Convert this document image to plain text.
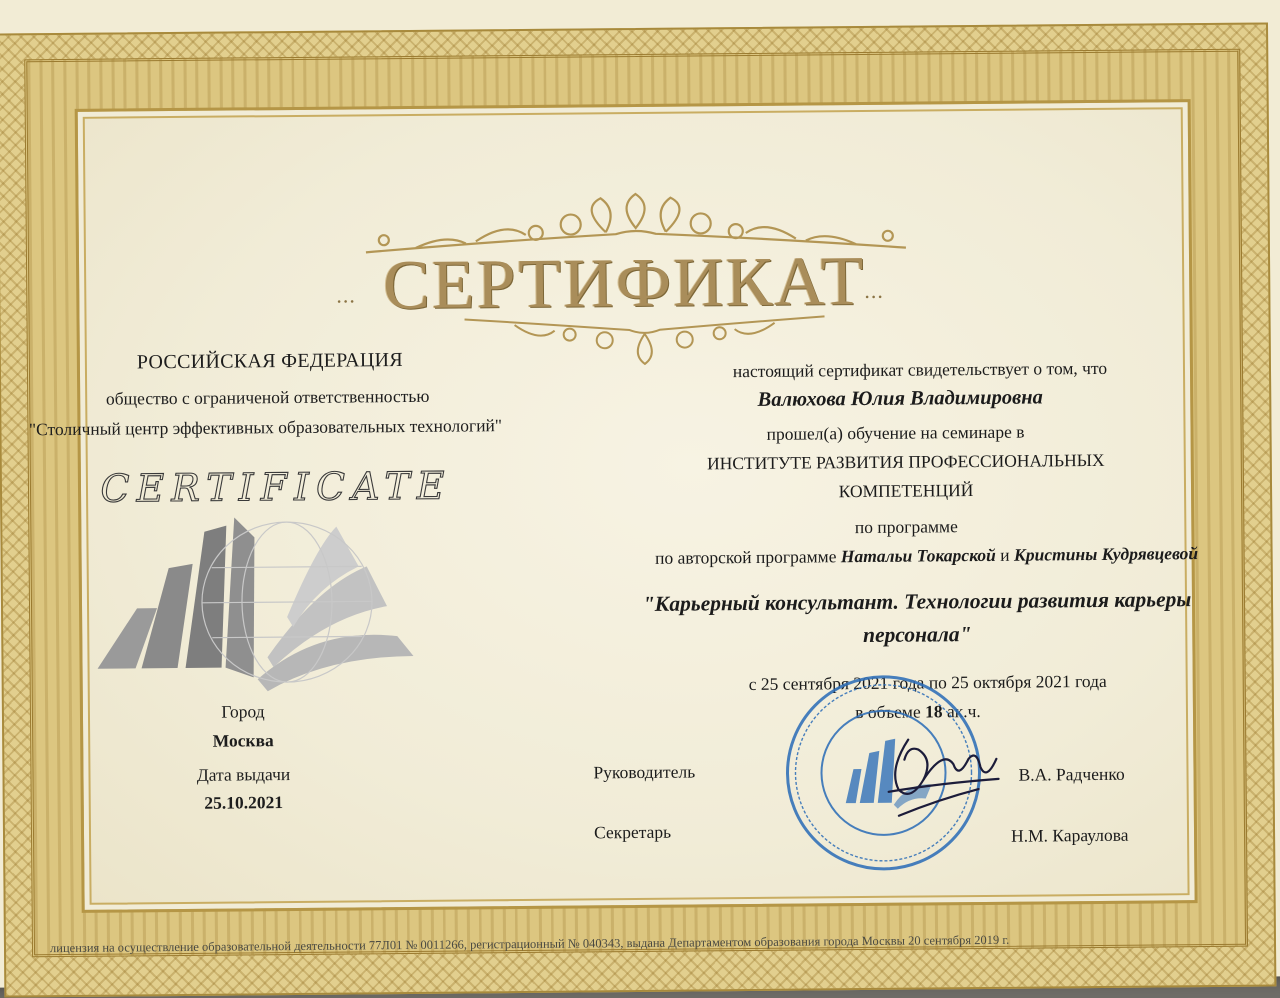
... СЕРТИФИКАТ
...
РОССИЙСКАЯ ФЕДЕРАЦИЯ
общество с ограниченой ответственностью
"Столичный центр эффективных образовательных технологий"
CERTIFICATE
Город
Москва
Дата выдачи
25.10.2021
настоящий сертификат свидетельствует о том, что
Валюхова Юлия Владимировна
прошел(а) обучение на семинаре в
ИНСТИТУТЕ РАЗВИТИЯ ПРОФЕССИОНАЛЬНЫХ
КОМПЕТЕНЦИЙ
по программе
по авторской программе Натальи Токарской и Кристины Кудрявцевой
"Карьерный консультант. Технологии развития карьеры
персонала"
с 25 сентября 2021 года по 25 октября 2021 года
в объеме 18 ак.ч.
Руководитель	В.А. Радченко
Секретарь	Н.М. Караулова
лицензия на осуществление образовательной деятельности 77Л01 № 0011266, регистрационный № 040343, выдана Департаментом образования города Москвы 20 сентября 2019 г.
